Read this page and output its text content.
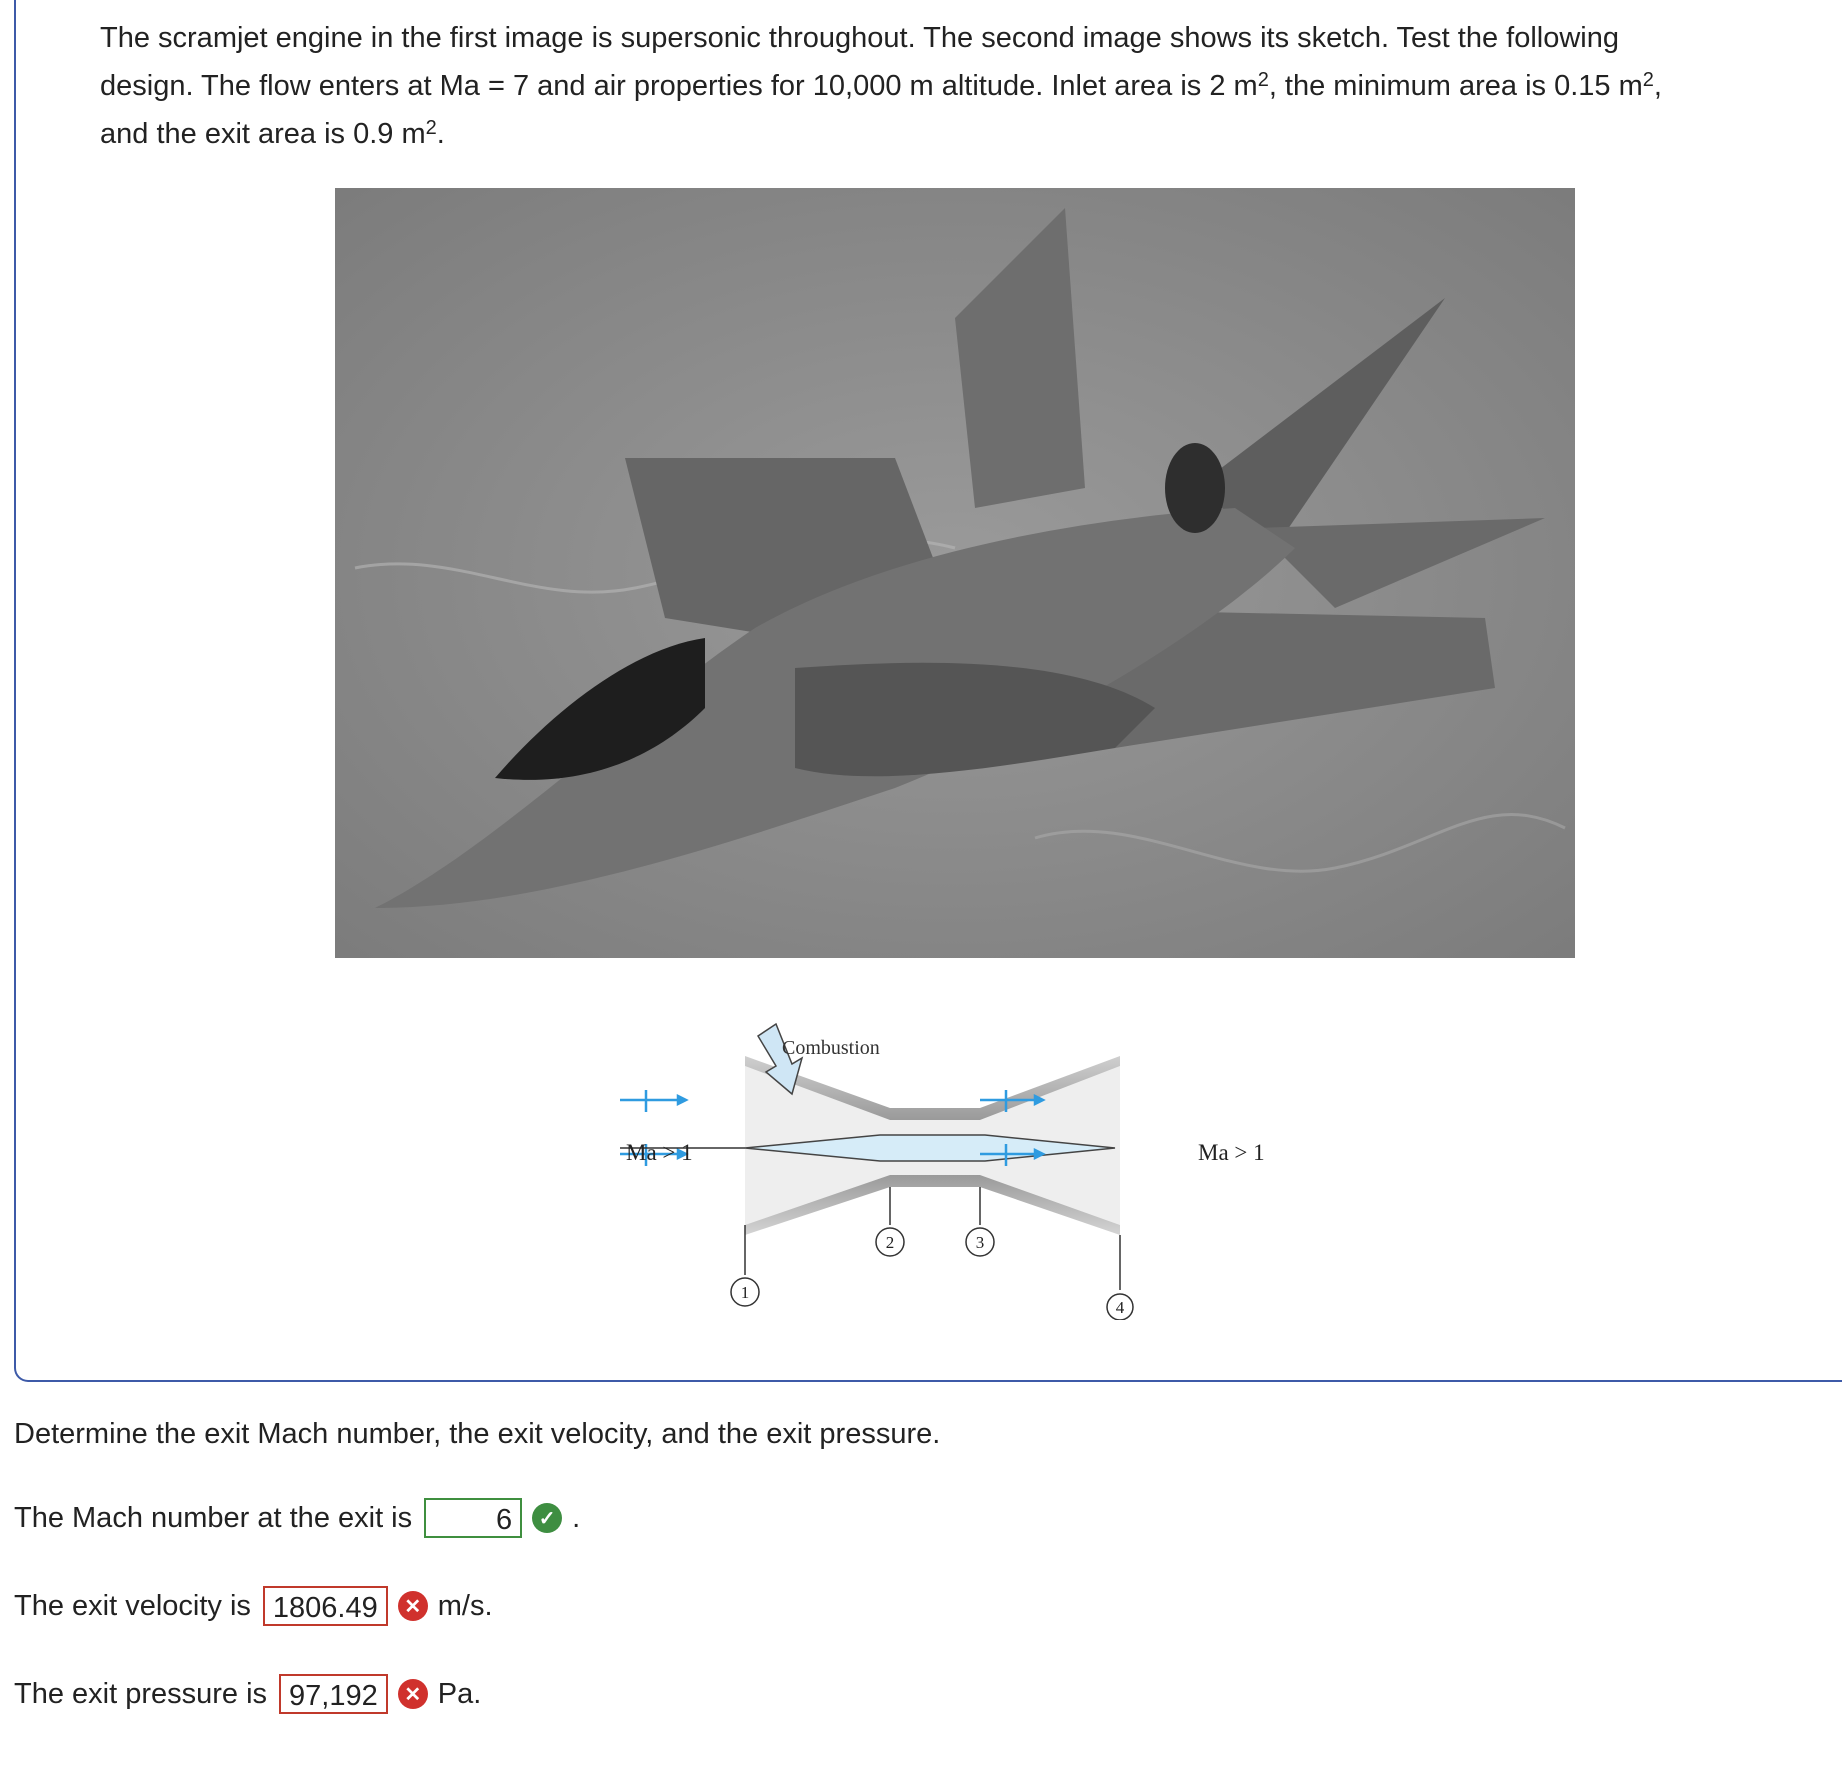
The scramjet engine in the first image is supersonic throughout. The second image shows its sketch. Test the following
design. The flow enters at Ma = 7 and air properties for 10,000 m altitude. Inlet area is 2 $m^2$, the minimum area is 0.15 $m^2$,
and the exit area is 0.9 $m^2$.
Combustion
1
2	3
4
Ma > 1	Ma > 1
Determine the exit Mach number, the exit velocity, and the exit pressure.
The Mach number at the exit is	6	✓ .
The exit velocity is 1806.49	✕ m/s.
The exit pressure is 97,192	✕ Pa.
